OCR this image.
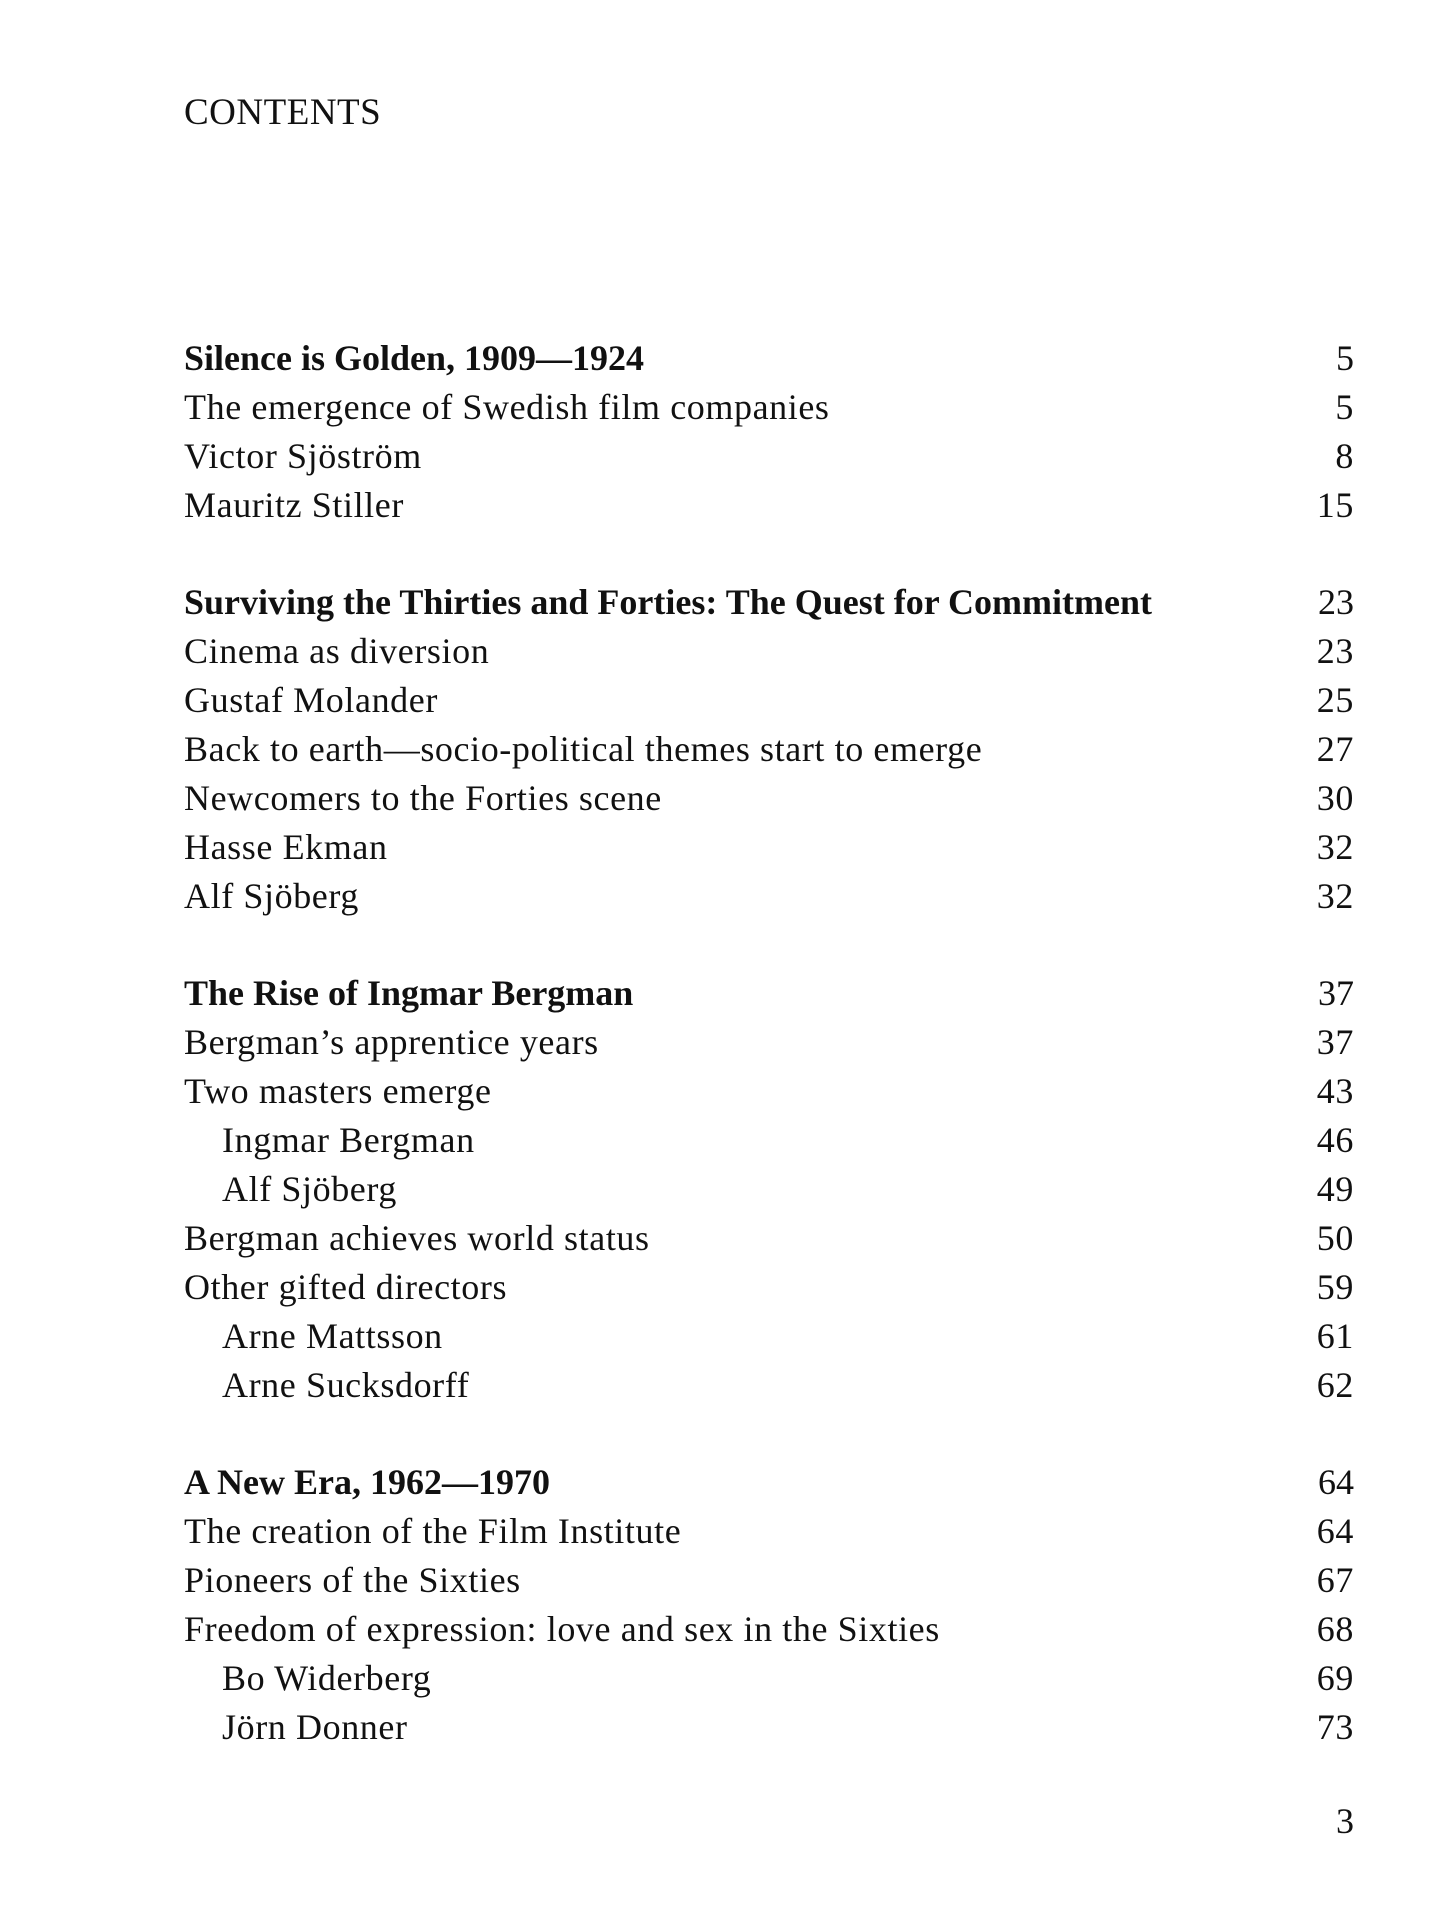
CONTENTS
Silence is Golden, 1909—1924	5
The emergence of Swedish film companies	5
Victor Sjöström	8
Mauritz Stiller	15
Surviving the Thirties and Forties: The Quest for Commitment	23
Cinema as diversion	23
Gustaf Molander	25
Back to earth—socio-political themes start to emerge	27
Newcomers to the Forties scene	30
Hasse Ekman	32
Alf Sjöberg	32
The Rise of Ingmar Bergman	37
Bergman’s apprentice years	37
Two masters emerge	43
Ingmar Bergman	46
Alf Sjöberg	49
Bergman achieves world status	50
Other gifted directors	59
Arne Mattsson	61
Arne Sucksdorff	62
A New Era, 1962—1970	64
The creation of the Film Institute	64
Pioneers of the Sixties	67
Freedom of expression: love and sex in the Sixties	68
Bo Widerberg	69
Jörn Donner	73
3
